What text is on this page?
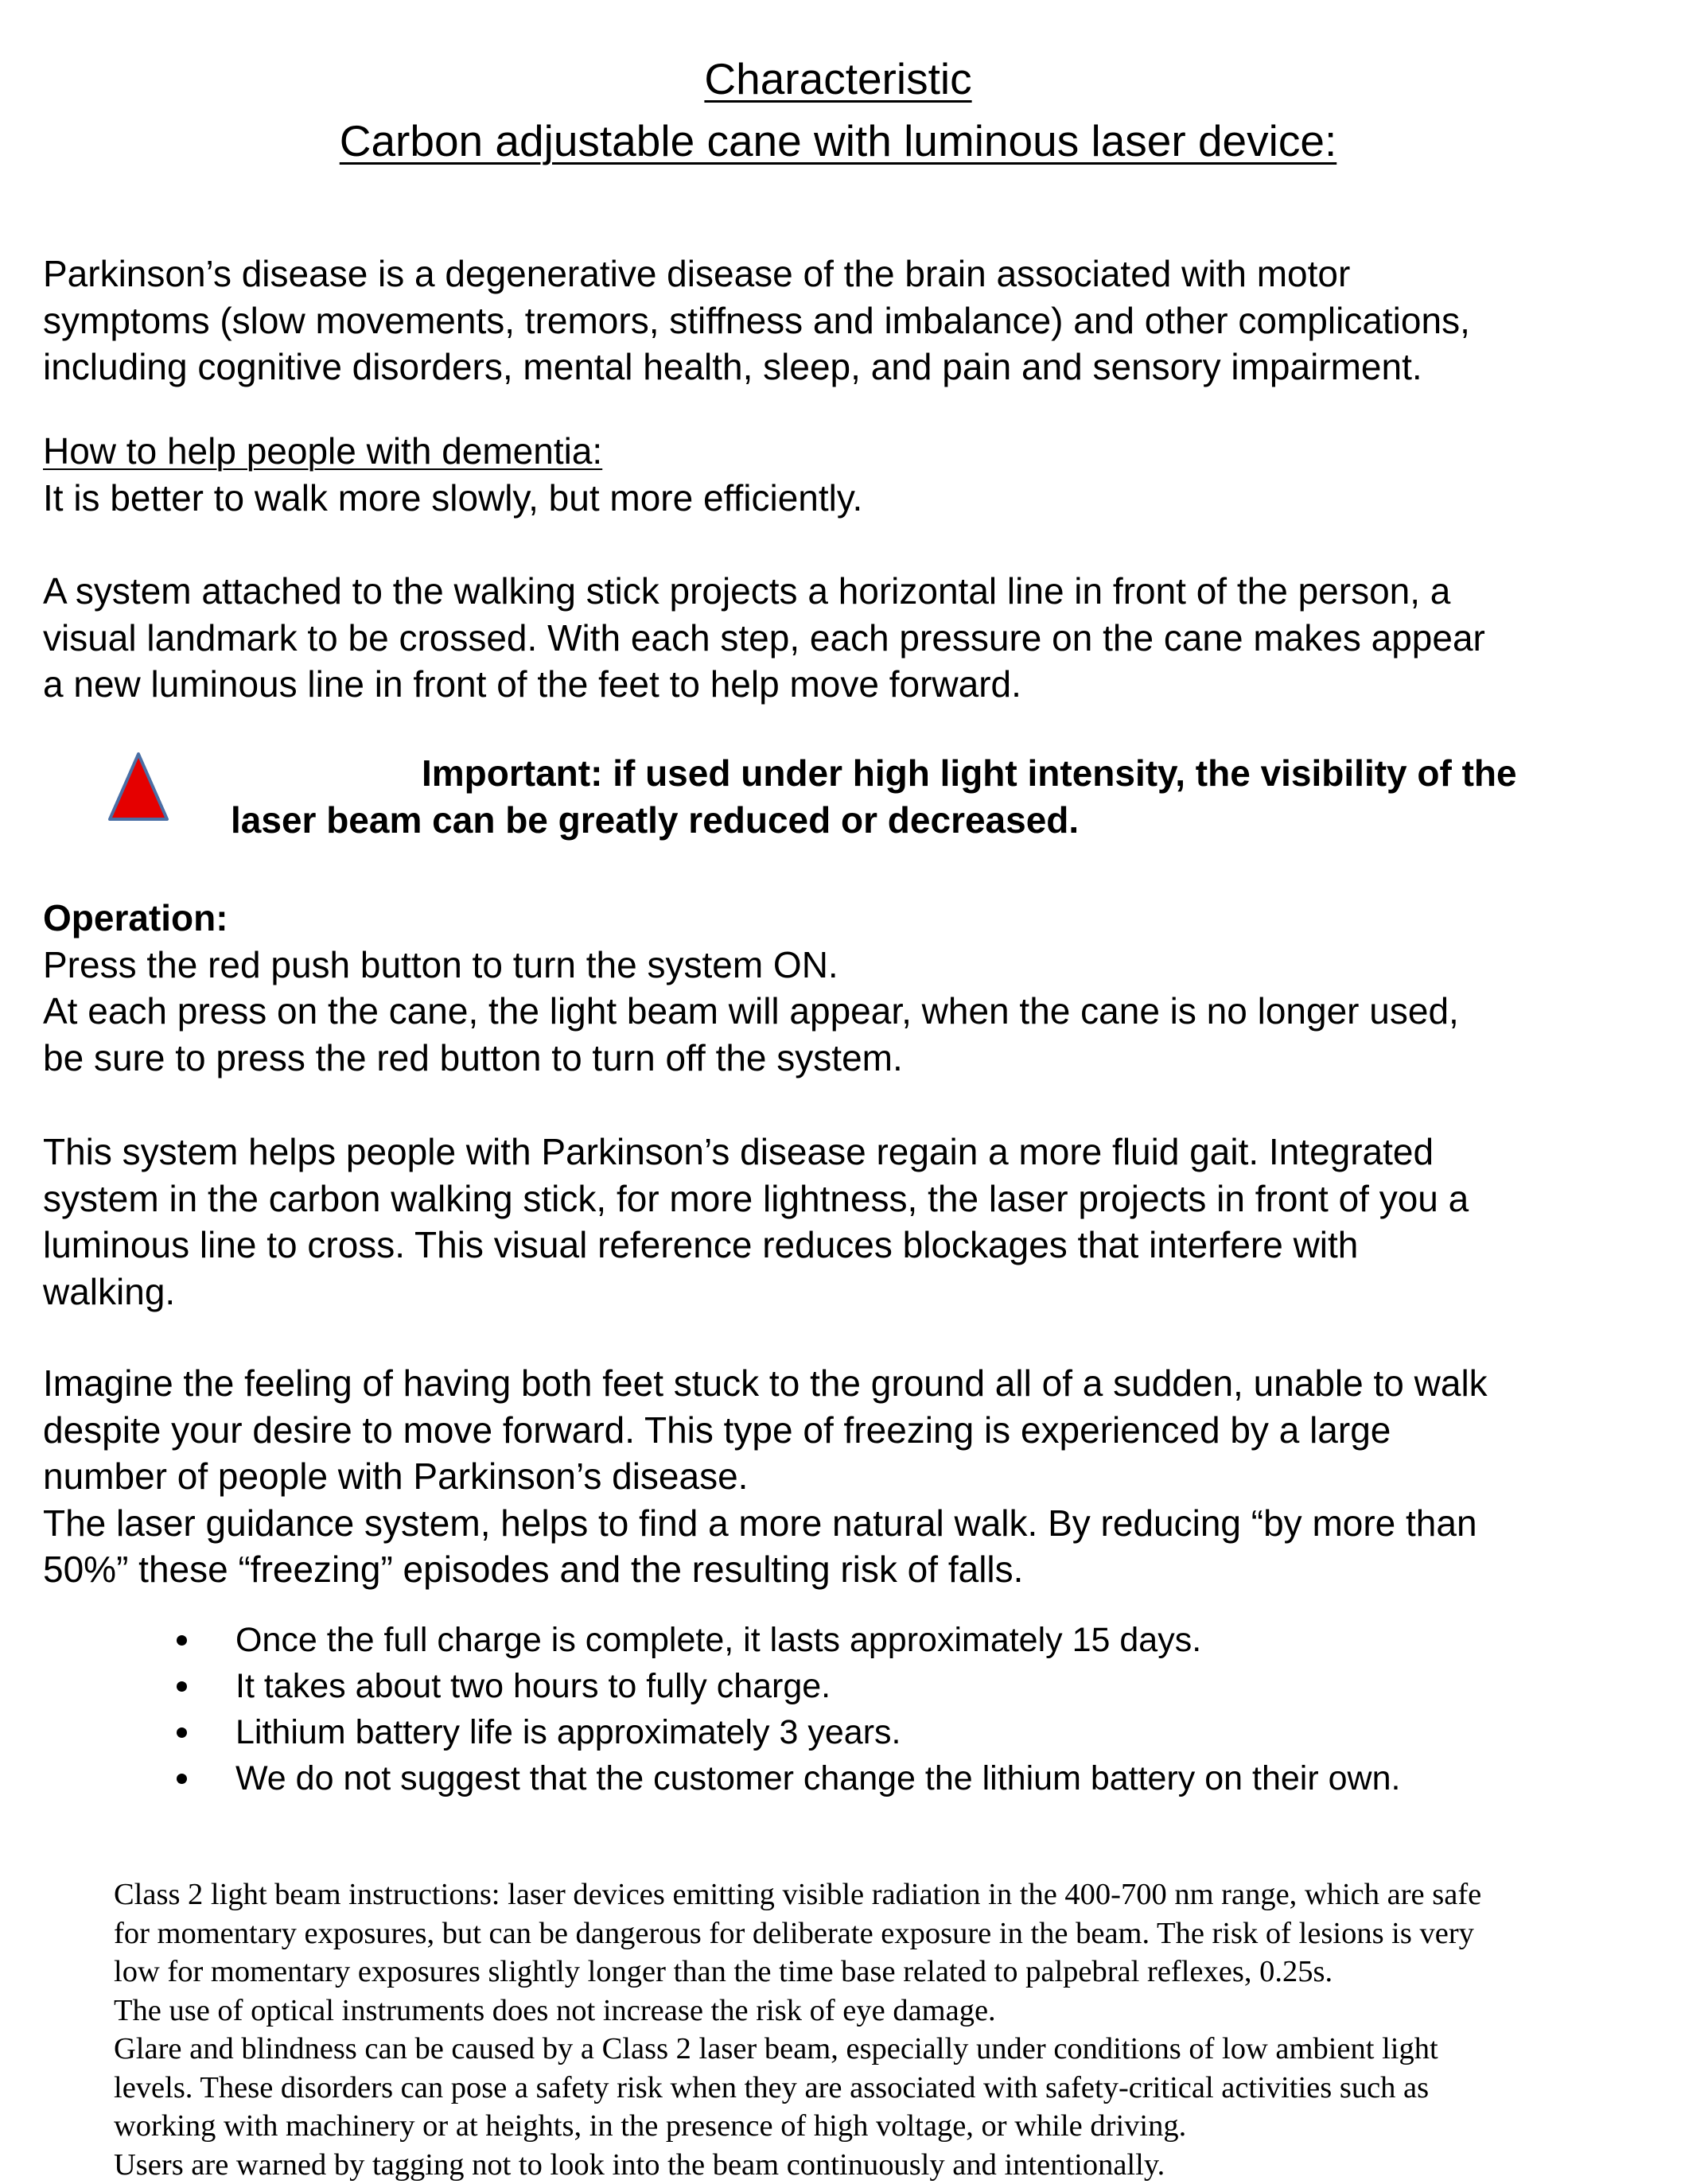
Characteristic
Carbon adjustable cane with luminous laser device:
Parkinson’s disease is a degenerative disease of the brain associated with motor
symptoms (slow movements, tremors, stiffness and imbalance) and other complications,
including cognitive disorders, mental health, sleep, and pain and sensory impairment.
How to help people with dementia:
It is better to walk more slowly, but more efficiently.
A system attached to the walking stick projects a horizontal line in front of the person, a
visual landmark to be crossed. With each step, each pressure on the cane makes appear
a new luminous line in front of the feet to help move forward.
Important: if used under high light intensity, the visibility of the
laser beam can be greatly reduced or decreased.
Operation:
Press the red push button to turn the system ON.
At each press on the cane, the light beam will appear, when the cane is no longer used,
be sure to press the red button to turn off the system.
This system helps people with Parkinson’s disease regain a more fluid gait. Integrated
system in the carbon walking stick, for more lightness, the laser projects in front of you a
luminous line to cross. This visual reference reduces blockages that interfere with
walking.
Imagine the feeling of having both feet stuck to the ground all of a sudden, unable to walk
despite your desire to move forward. This type of freezing is experienced by a large
number of people with Parkinson’s disease.
The laser guidance system, helps to find a more natural walk. By reducing “by more than
50%” these “freezing” episodes and the resulting risk of falls.
Once the full charge is complete, it lasts approximately 15 days.
It takes about two hours to fully charge.
Lithium battery life is approximately 3 years.
We do not suggest that the customer change the lithium battery on their own.
Class 2 light beam instructions: laser devices emitting visible radiation in the 400-700 nm range, which are safe
for momentary exposures, but can be dangerous for deliberate exposure in the beam. The risk of lesions is very
low for momentary exposures slightly longer than the time base related to palpebral reflexes, 0.25s.
The use of optical instruments does not increase the risk of eye damage.
Glare and blindness can be caused by a Class 2 laser beam, especially under conditions of low ambient light
levels. These disorders can pose a safety risk when they are associated with safety-critical activities such as
working with machinery or at heights, in the presence of high voltage, or while driving.
Users are warned by tagging not to look into the beam continuously and intentionally.
